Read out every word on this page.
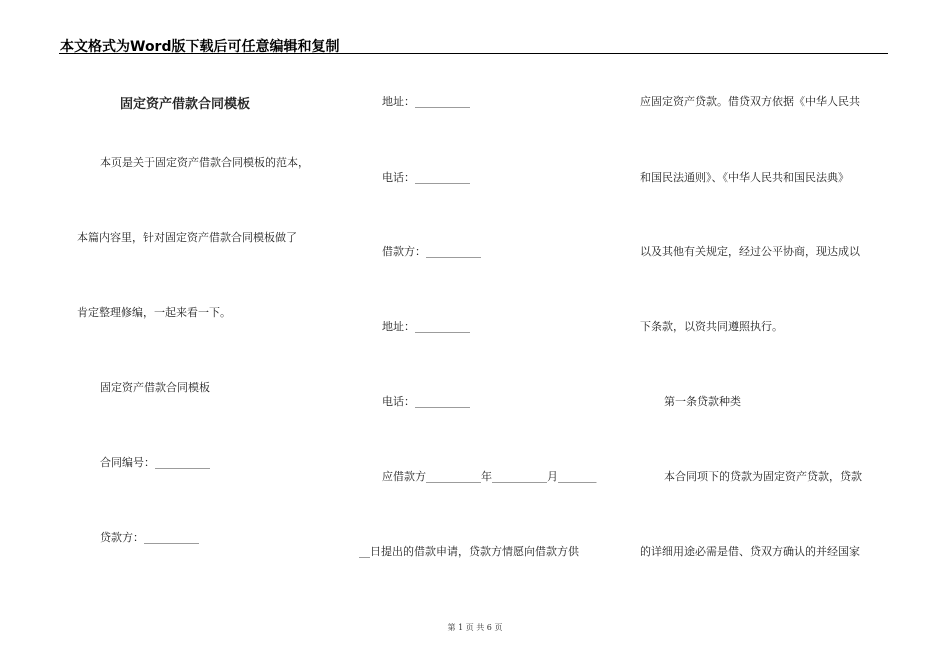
本文格式为Word版下载后可任意编辑和复制
固定资产借款合同模板
本页是关于固定资产借款合同模板的范本，
本篇内容里，针对固定资产借款合同模板做了
肯定整理修编，一起来看一下。
固定资产借款合同模板
合同编号：__________
贷款方：__________
地址：__________
电话：__________
借款方：__________
地址：__________
电话：__________
应借款方__________年__________月_______
__日提出的借款申请，贷款方情愿向借款方供
应固定资产贷款。借贷双方依据《中华人民共
和国民法通则》、《中华人民共和国民法典》
以及其他有关规定，经过公平协商，现达成以
下条款，以资共同遵照执行。
第一条贷款种类
本合同项下的贷款为固定资产贷款，贷款
的详细用途必需是借、贷双方确认的并经国家
第 1 页 共 6 页
